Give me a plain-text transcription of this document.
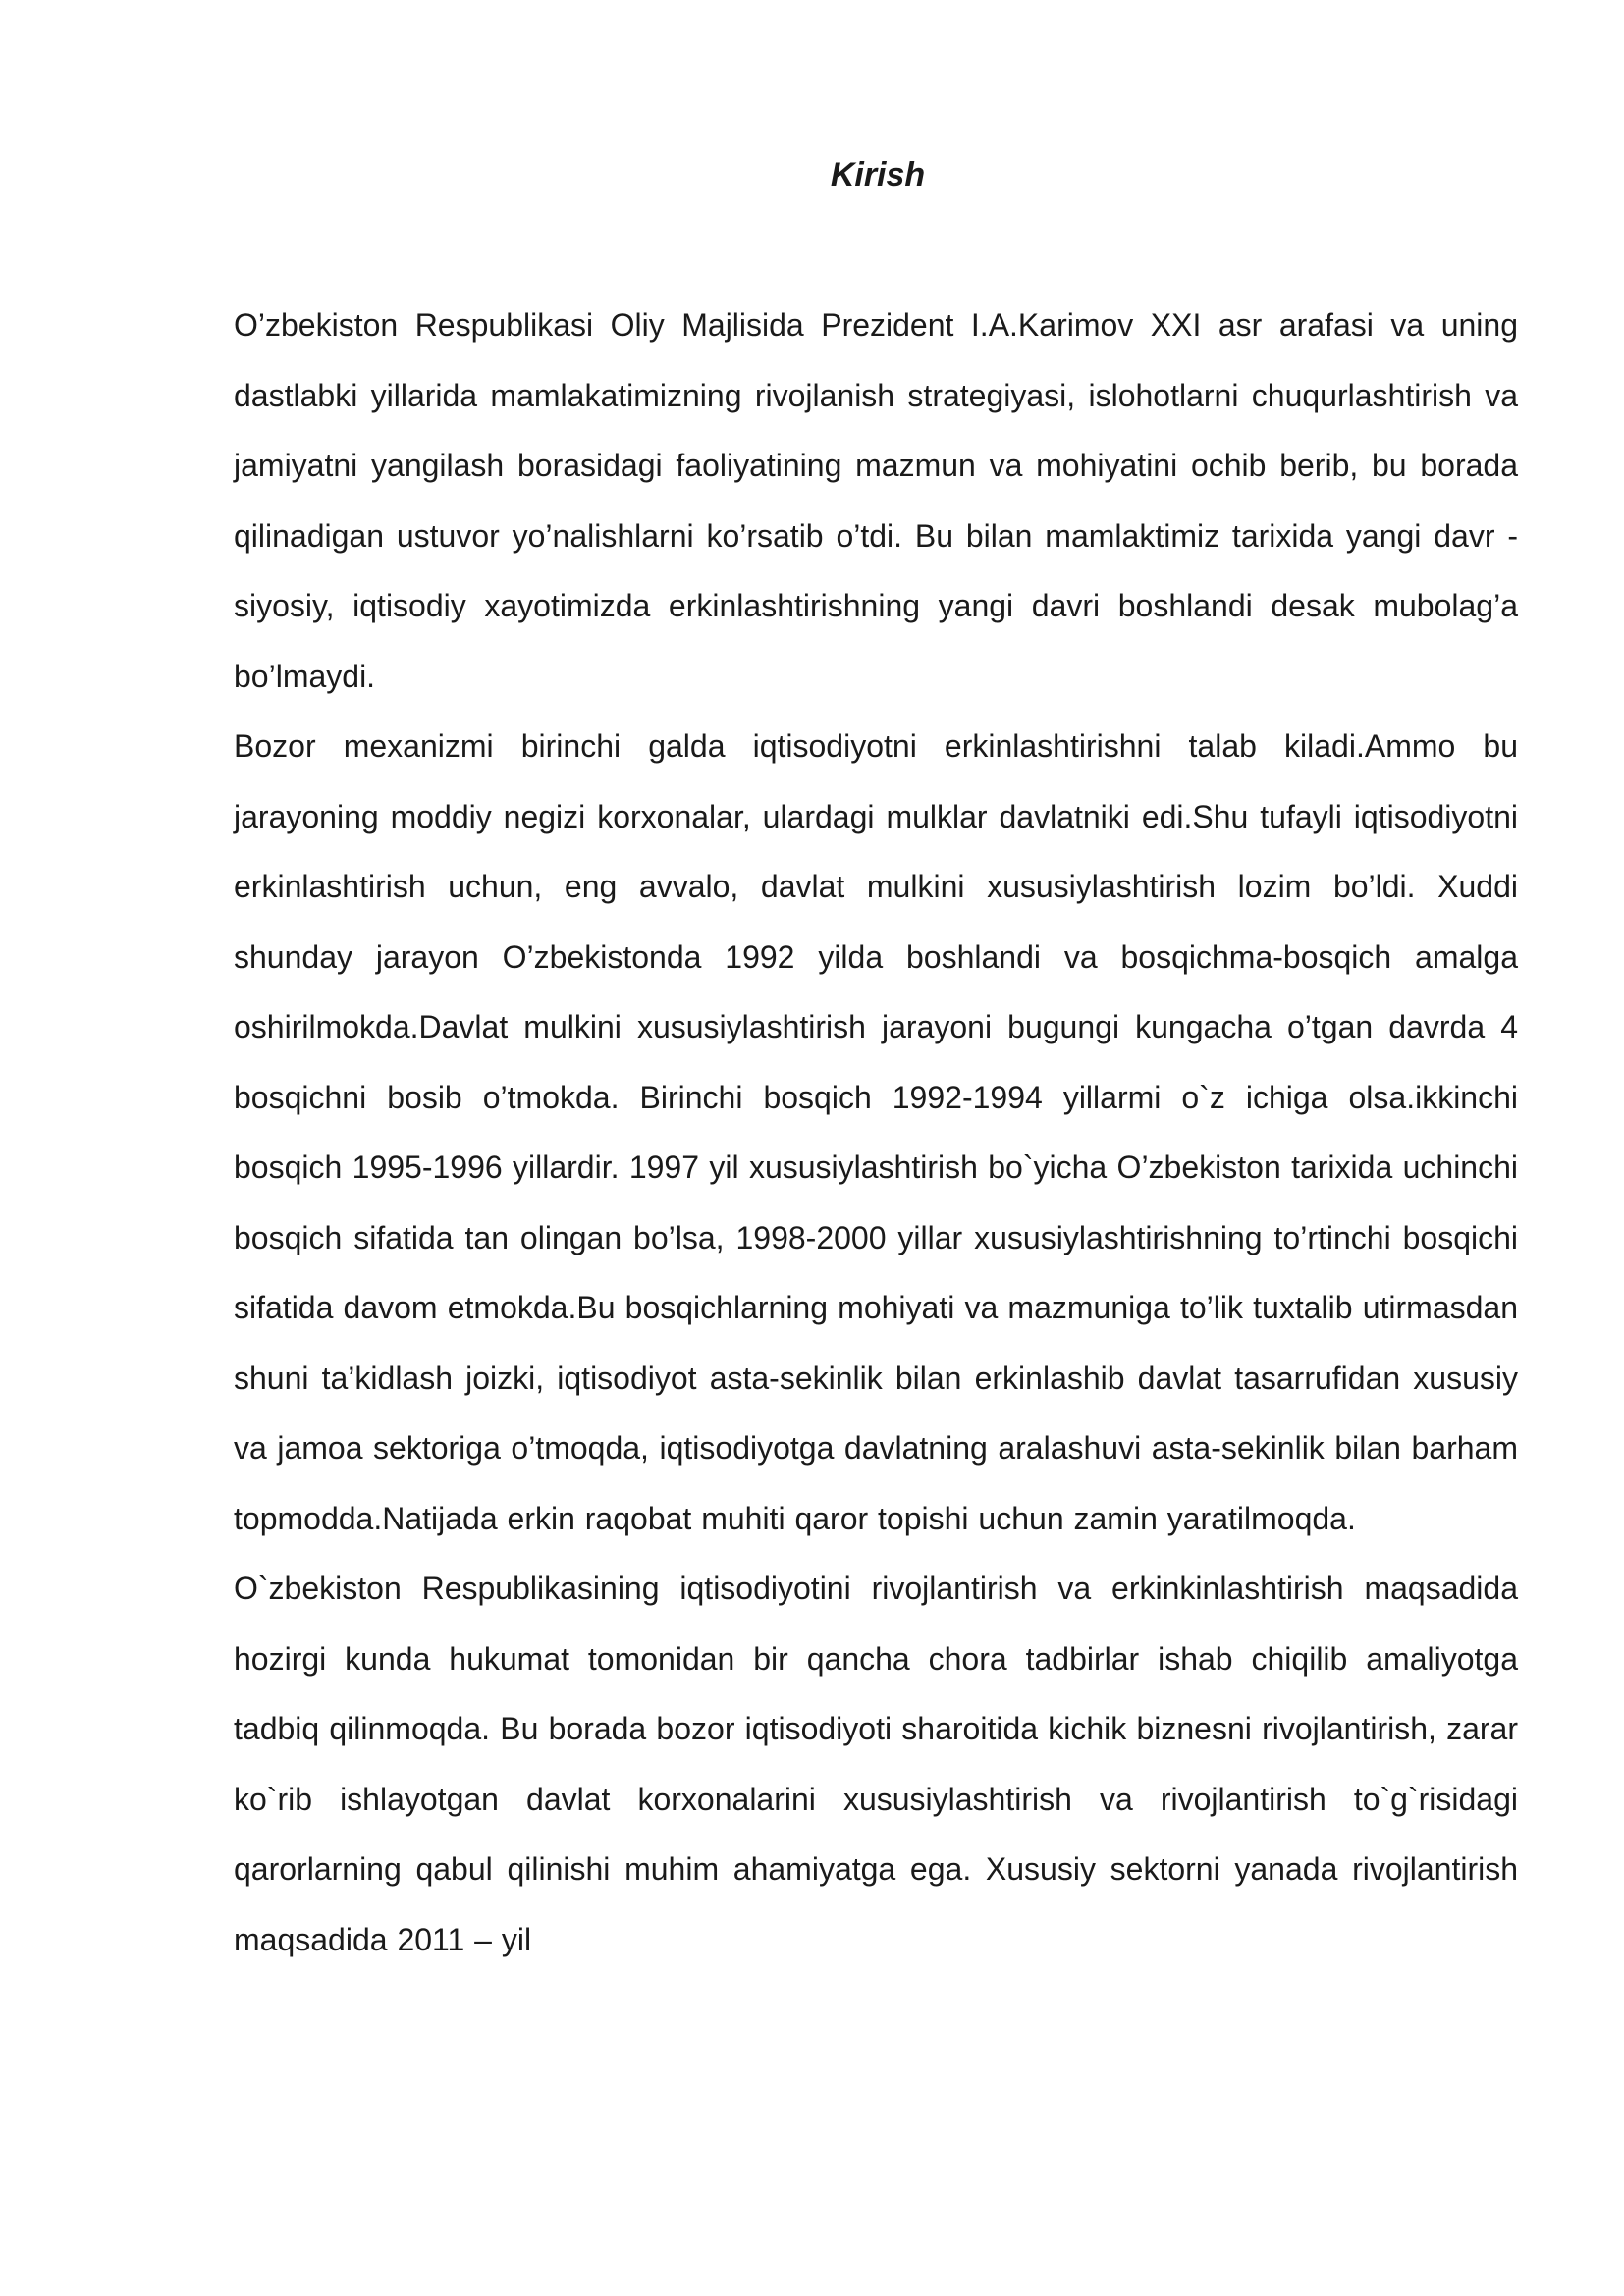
Kirish

O’zbekiston Respublikasi Oliy Majlisida Prezident I.A.Karimov XXI asr arafasi va uning dastlabki yillarida mamlakatimizning rivojlanish strategiyasi, islohotlarni chuqurlashtirish va jamiyatni yangilash borasidagi faoliyatining mazmun va mohiyatini ochib berib, bu borada qilinadigan ustuvor yo’nalishlarni ko’rsatib o’tdi. Bu bilan mamlaktimiz tarixida yangi davr - siyosiy, iqtisodiy xayotimizda erkinlashtirishning yangi davri boshlandi desak mubolag’a bo’lmaydi.

Bozor mexanizmi birinchi galda iqtisodiyotni erkinlashtirishni talab kiladi.Ammo bu jarayoning moddiy negizi korxonalar, ulardagi mulklar davlatniki edi.Shu tufayli iqtisodiyotni erkinlashtirish uchun, eng avvalo, davlat mulkini xususiylashtirish lozim bo’ldi. Xuddi shunday jarayon O’zbekistonda 1992 yilda boshlandi va bosqichma-bosqich amalga oshirilmokda.Davlat mulkini xususiylashtirish jarayoni bugungi kungacha o’tgan davrda 4 bosqichni bosib o’tmokda. Birinchi bosqich 1992-1994 yillarmi o`z ichiga olsa.ikkinchi bosqich 1995-1996 yillardir. 1997 yil xususiylashtirish bo`yicha O’zbekiston tarixida uchinchi bosqich sifatida tan olingan bo’lsa, 1998-2000 yillar xususiylashtirishning to’rtinchi bosqichi sifatida davom etmokda.Bu bosqichlarning mohiyati va mazmuniga to’lik tuxtalib utirmasdan shuni ta’kidlash joizki, iqtisodiyot asta-sekinlik bilan erkinlashib davlat tasarrufidan xususiy va jamoa sektoriga o’tmoqda, iqtisodiyotga davlatning aralashuvi asta-sekinlik bilan barham topmodda.Natijada erkin raqobat muhiti qaror topishi uchun zamin yaratilmoqda.

O`zbekiston Respublikasining iqtisodiyotini rivojlantirish va erkinkinlashtirish maqsadida hozirgi kunda hukumat tomonidan bir qancha chora tadbirlar ishab chiqilib amaliyotga tadbiq qilinmoqda. Bu borada bozor iqtisodiyoti sharoitida kichik biznesni rivojlantirish, zarar ko`rib ishlayotgan davlat korxonalarini xususiylashtirish va rivojlantirish to`g`risidagi qarorlarning qabul qilinishi muhim ahamiyatga ega. Xususiy sektorni yanada rivojlantirish maqsadida 2011 – yil
